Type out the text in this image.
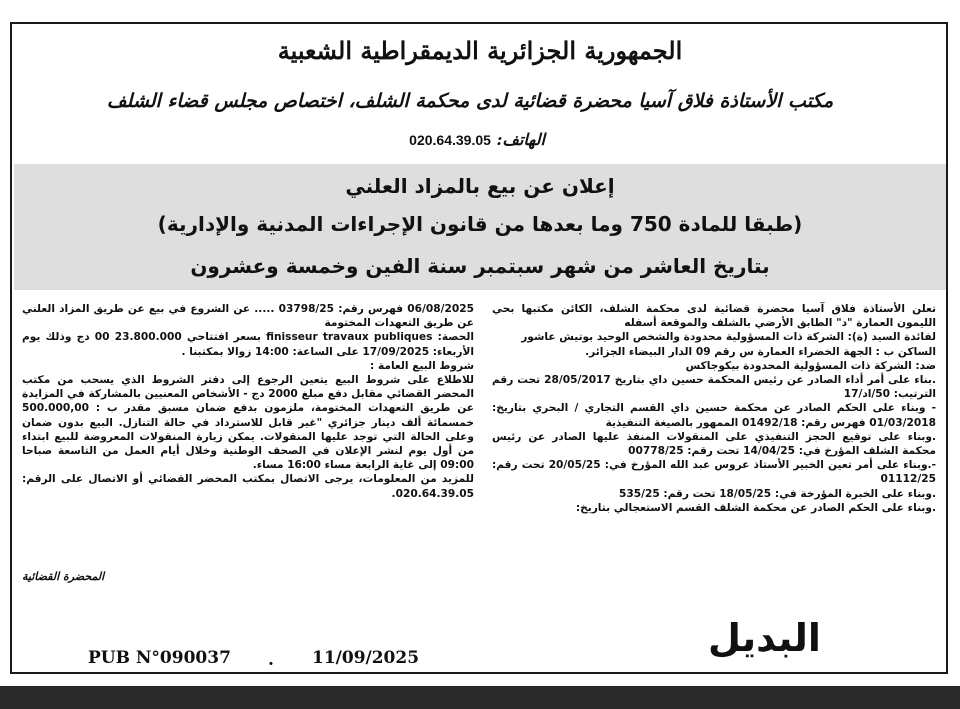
الجمهورية الجزائرية الديمقراطية الشعبية
مكتب الأستاذة فلاق آسيا محضرة قضائية لدى محكمة الشلف، اختصاص مجلس قضاء الشلف
الهاتف: 020.64.39.05
إعلان عن بيع بالمزاد العلني
(طبقا للمادة 750 وما بعدها من قانون الإجراءات المدنية والإدارية)
بتاريخ العاشر من شهر سبتمبر سنة الفين وخمسة وعشرون

تعلن الأستاذة فلاق آسيا محضرة قضائية لدى محكمة الشلف، الكائن مكتبها بحي الليمون العمارة "د" الطابق الأرضي بالشلف والموقعة أسفله

لفائدة السيد (ة): الشركة ذات المسؤولية محدودة والشخص الوحيد بوتيش عاشور

الساكن ب : الجهة الخضراء العمارة س رقم 09 الدار البيضاء الجزائر.

ضد: الشركة ذات المسؤولية المحدودة بيكوجاكس

.بناء على أمر أداء الصادر عن رئيس المحكمة حسين داي بتاريخ 28/05/2017 تحت رقم الترتيب: 50/اد/17

- وبناء على الحكم الصادر عن محكمة حسين داي القسم التجاري / البحري بتاريخ: 01/03/2018 فهرس رقم: 01492/18 الممهور بالصيغة التنفيذية

.وبناء على توقيع الحجز التنفيذي على المنقولات المنفذ عليها الصادر عن رئيس محكمة الشلف المؤرخ في: 14/04/25 تحت رقم: 00778/25

-.وبناء على أمر تعين الخبير الأستاذ عروس عبد الله المؤرخ في: 20/05/25 تحت رقم: 01112/25

.وبناء على الخبرة المؤرخة في: 18/05/25 تحت رقم: 535/25

.وبناء على الحكم الصادر عن محكمة الشلف القسم الاستعجالي بتاريخ:

06/08/2025 فهرس رقم: 03798/25 ..... عن الشروع في بيع عن طريق المزاد العلني عن طريق التعهدات المختومة

الحصة: finisseur travaux publiques بسعر افتتاحي 23.800.000 00 دج وذلك يوم الأربعاء: 17/09/2025 على الساعة: 14:00 زوالا بمكتبنا .

شروط البيع العامة :

للاطلاع على شروط البيع يتعين الرجوع إلى دفتر الشروط الذي يسحب من مكتب المحضر القضائي مقابل دفع مبلغ 2000 دج - الأشخاص المعنيين بالمشاركة في المزايدة عن طريق التعهدات المختومة، ملزمون بدفع ضمان مسبق مقدر ب : 500.000,00 خمسمائة ألف دينار جزائري "غير قابل للاسترداد في حالة التنازل. البيع بدون ضمان وعلى الحالة التي توجد عليها المنقولات. يمكن زيارة المنقولات المعروضة للبيع ابتداء من أول يوم لنشر الإعلان في الصحف الوطنية وخلال أيام العمل من التاسعة صباحا 09:00 إلى غاية الرابعة مساء 16:00 مساء.

للمزيد من المعلومات، يرجى الاتصال بمكتب المحضر القضائي أو الاتصال على الرقم: 020.64.39.05.

المحضرة القضائية
البديل
PUB N°090037 . 11/09/2025
